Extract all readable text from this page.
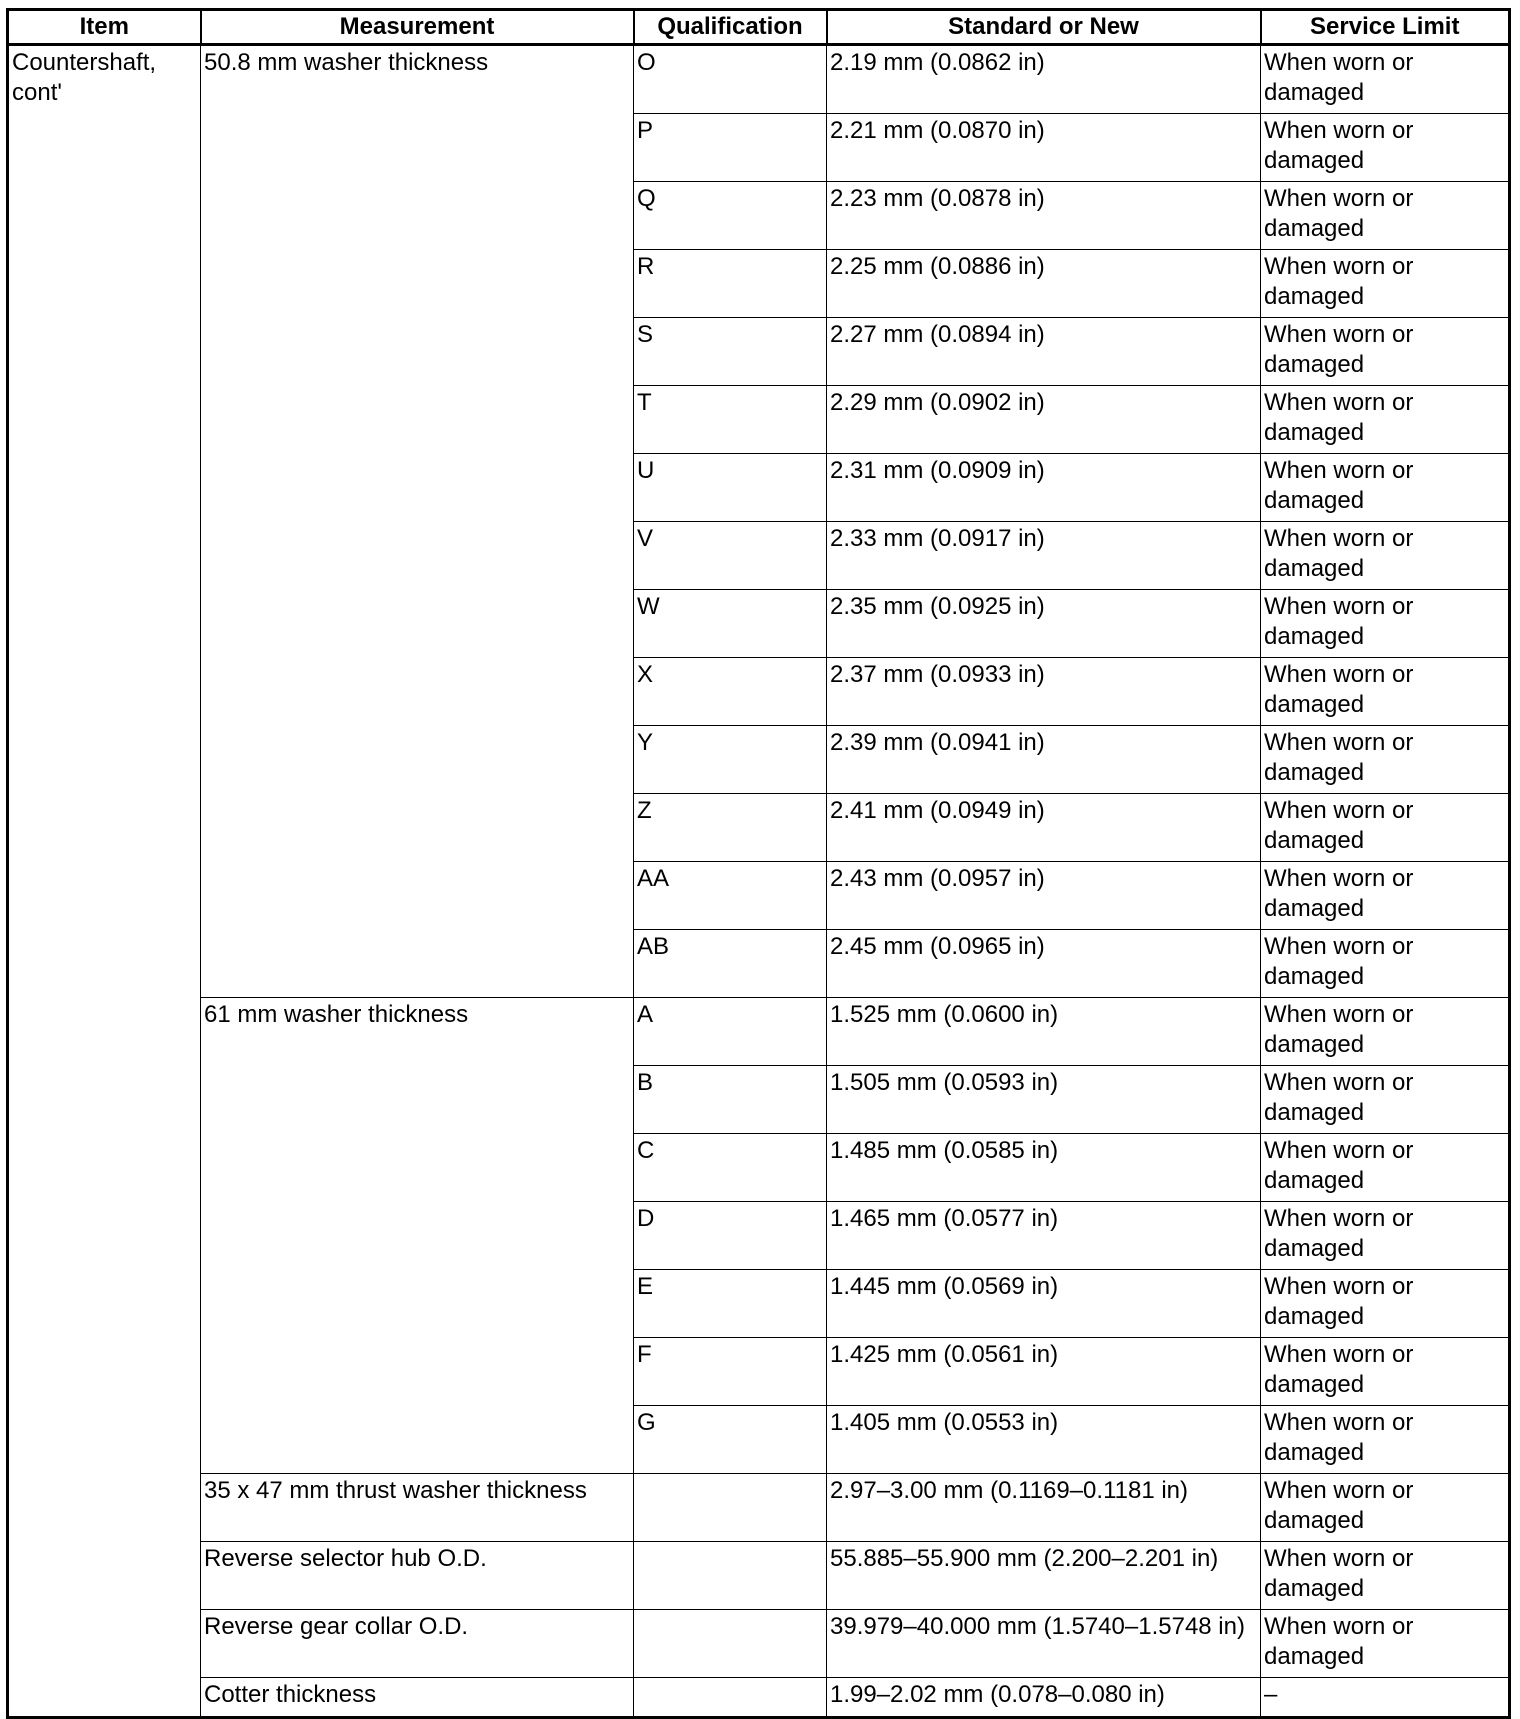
Item	Measurement	Qualification	Standard or New	Service Limit
Countershaft, cont'	50.8 mm washer thickness	O	2.19 mm (0.0862 in)	When worn or damaged
		P	2.21 mm (0.0870 in)	When worn or damaged
		Q	2.23 mm (0.0878 in)	When worn or damaged
		R	2.25 mm (0.0886 in)	When worn or damaged
		S	2.27 mm (0.0894 in)	When worn or damaged
		T	2.29 mm (0.0902 in)	When worn or damaged
		U	2.31 mm (0.0909 in)	When worn or damaged
		V	2.33 mm (0.0917 in)	When worn or damaged
		W	2.35 mm (0.0925 in)	When worn or damaged
		X	2.37 mm (0.0933 in)	When worn or damaged
		Y	2.39 mm (0.0941 in)	When worn or damaged
		Z	2.41 mm (0.0949 in)	When worn or damaged
		AA	2.43 mm (0.0957 in)	When worn or damaged
		AB	2.45 mm (0.0965 in)	When worn or damaged
	61 mm washer thickness	A	1.525 mm (0.0600 in)	When worn or damaged
		B	1.505 mm (0.0593 in)	When worn or damaged
		C	1.485 mm (0.0585 in)	When worn or damaged
		D	1.465 mm (0.0577 in)	When worn or damaged
		E	1.445 mm (0.0569 in)	When worn or damaged
		F	1.425 mm (0.0561 in)	When worn or damaged
		G	1.405 mm (0.0553 in)	When worn or damaged
	35 x 47 mm thrust washer thickness		2.97–3.00 mm (0.1169–0.1181 in)	When worn or damaged
	Reverse selector hub O.D.		55.885–55.900 mm (2.200–2.201 in)	When worn or damaged
	Reverse gear collar O.D.		39.979–40.000 mm (1.5740–1.5748 in)	When worn or damaged
	Cotter thickness		1.99–2.02 mm (0.078–0.080 in)	–
